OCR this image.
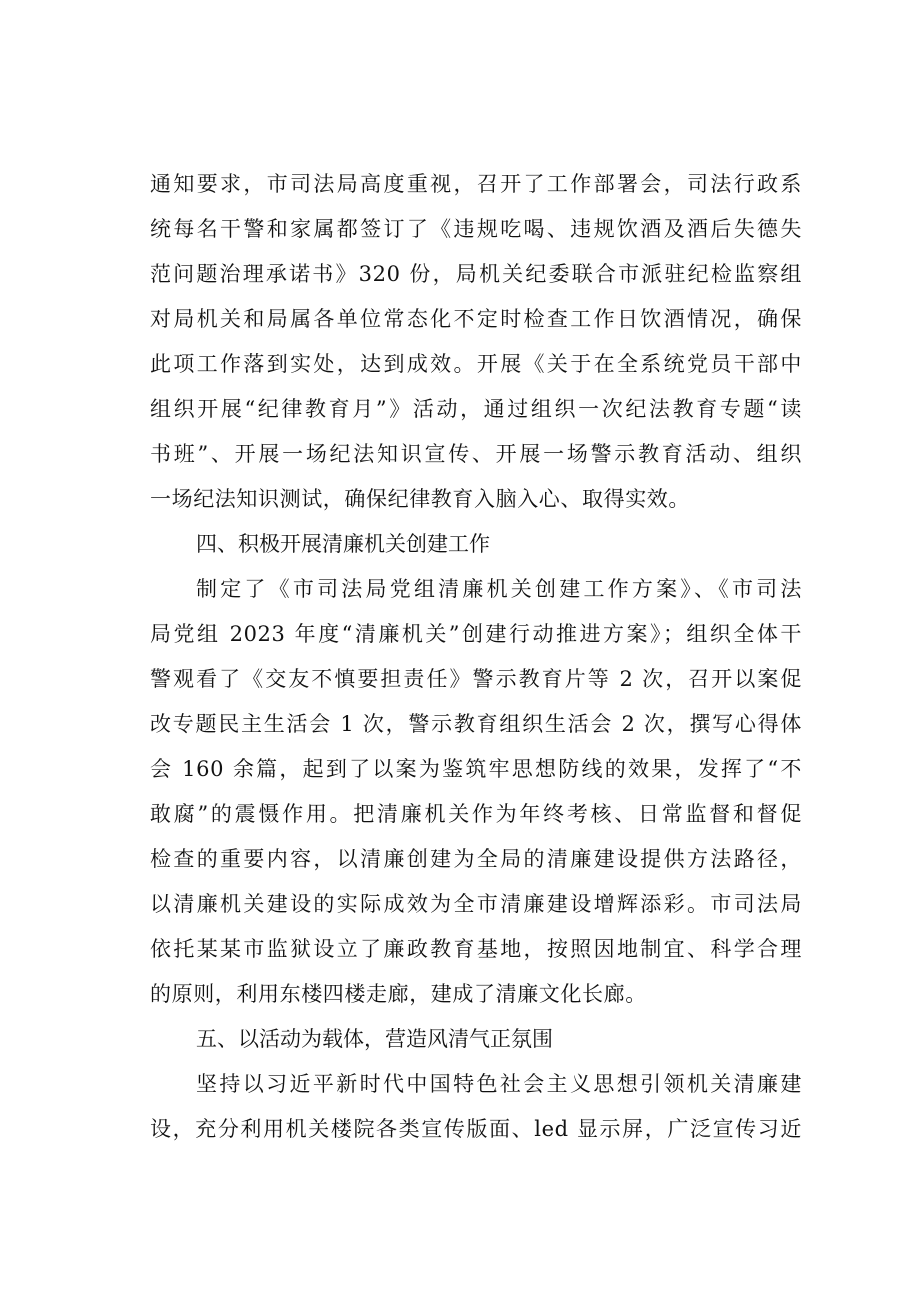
通知要求，市司法局高度重视，召开了工作部署会，司法行政系
统每名干警和家属都签订了《违规吃喝、违规饮酒及酒后失德失
范问题治理承诺书》320 份，局机关纪委联合市派驻纪检监察组
对局机关和局属各单位常态化不定时检查工作日饮酒情况，确保
此项工作落到实处，达到成效。开展《关于在全系统党员干部中
组织开展“纪律教育月”》活动，通过组织一次纪法教育专题“读
书班”、开展一场纪法知识宣传、开展一场警示教育活动、组织
一场纪法知识测试，确保纪律教育入脑入心、取得实效。
四、积极开展清廉机关创建工作
制定了《市司法局党组清廉机关创建工作方案》、《市司法
局党组 2023 年度“清廉机关”创建行动推进方案》；组织全体干
警观看了《交友不慎要担责任》警示教育片等 2 次，召开以案促
改专题民主生活会 1 次，警示教育组织生活会 2 次，撰写心得体
会 160 余篇，起到了以案为鉴筑牢思想防线的效果，发挥了“不
敢腐”的震慑作用。把清廉机关作为年终考核、日常监督和督促
检查的重要内容，以清廉创建为全局的清廉建设提供方法路径，
以清廉机关建设的实际成效为全市清廉建设增辉添彩。市司法局
依托某某市监狱设立了廉政教育基地，按照因地制宜、科学合理
的原则，利用东楼四楼走廊，建成了清廉文化长廊。
五、以活动为载体，营造风清气正氛围
坚持以习近平新时代中国特色社会主义思想引领机关清廉建
设，充分利用机关楼院各类宣传版面、led 显示屏，广泛宣传习近
